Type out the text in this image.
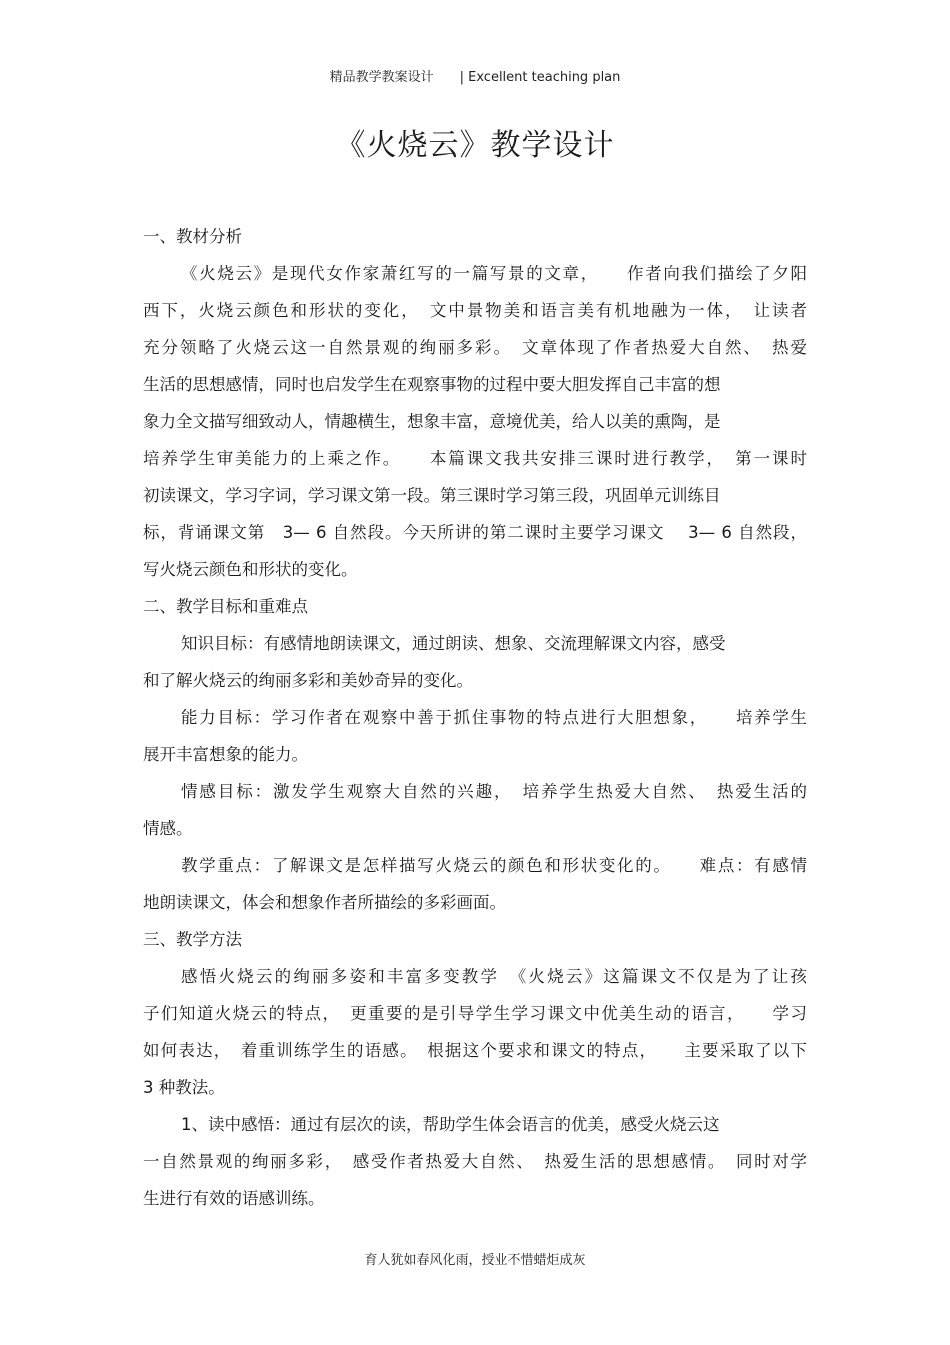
精品教学教案设计 | Excellent teaching plan
《火烧云》教学设计
一、教材分析
《火烧云》是现代女作家萧红写的一篇写景的文章，　　作者向我们描绘了夕阳
西下，火烧云颜色和形状的变化，　文中景物美和语言美有机地融为一体，　让读者
充分领略了火烧云这一自然景观的绚丽多彩。　文章体现了作者热爱大自然、　热爱
生活的思想感情，同时也启发学生在观察事物的过程中要大胆发挥自己丰富的想
象力全文描写细致动人，情趣横生，想象丰富，意境优美，给人以美的熏陶，是
培养学生审美能力的上乘之作。　　本篇课文我共安排三课时进行教学，　第一课时
初读课文，学习字词，学习课文第一段。第三课时学习第三段，巩固单元训练目
标，背诵课文第　3— 6 自然段。今天所讲的第二课时主要学习课文　 3— 6 自然段，
写火烧云颜色和形状的变化。
二、教学目标和重难点
知识目标：有感情地朗读课文，通过朗读、想象、交流理解课文内容，感受
和了解火烧云的绚丽多彩和美妙奇异的变化。
能力目标：学习作者在观察中善于抓住事物的特点进行大胆想象，　　培养学生
展开丰富想象的能力。
情感目标：激发学生观察大自然的兴趣，　培养学生热爱大自然、　热爱生活的
情感。
教学重点：了解课文是怎样描写火烧云的颜色和形状变化的。　　难点：有感情
地朗读课文，体会和想象作者所描绘的多彩画面。
三、教学方法
感悟火烧云的绚丽多姿和丰富多变教学　《火烧云》这篇课文不仅是为了让孩
子们知道火烧云的特点，　更重要的是引导学生学习课文中优美生动的语言，　　学习
如何表达，　着重训练学生的语感。　根据这个要求和课文的特点，　　主要采取了以下
3 种教法。
1、读中感悟：通过有层次的读，帮助学生体会语言的优美，感受火烧云这
一自然景观的绚丽多彩，　感受作者热爱大自然、　热爱生活的思想感情。　同时对学
生进行有效的语感训练。
育人犹如春风化雨，授业不惜蜡炬成灰
